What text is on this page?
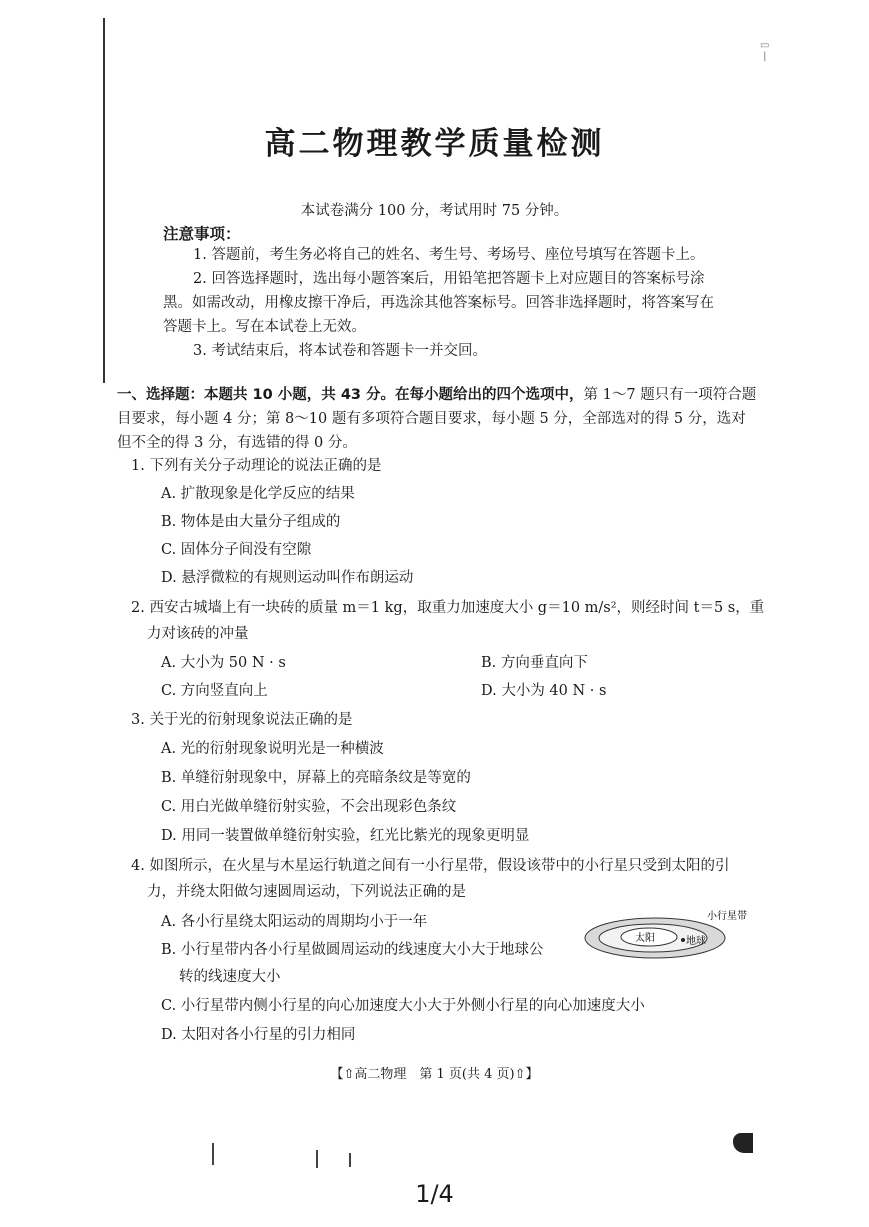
▭
|
高二物理教学质量检测
本试卷满分 100 分，考试用时 75 分钟。
注意事项：
1. 答题前，考生务必将自己的姓名、考生号、考场号、座位号填写在答题卡上。
2. 回答选择题时，选出每小题答案后，用铅笔把答题卡上对应题目的答案标号涂
黑。如需改动，用橡皮擦干净后，再选涂其他答案标号。回答非选择题时，将答案写在
答题卡上。写在本试卷上无效。
3. 考试结束后，将本试卷和答题卡一并交回。
一、选择题：本题共 10 小题，共 43 分。在每小题给出的四个选项中，第 1～7 题只有一项符合题目要求，每小题 4 分；第 8～10 题有多项符合题目要求，每小题 5 分，全部选对的得 5 分，选对但不全的得 3 分，有选错的得 0 分。
1. 下列有关分子动理论的说法正确的是
A. 扩散现象是化学反应的结果
B. 物体是由大量分子组成的
C. 固体分子间没有空隙
D. 悬浮微粒的有规则运动叫作布朗运动
2. 西安古城墙上有一块砖的质量 m＝1 kg，取重力加速度大小 g＝10 m/s²，则经时间 t＝5 s，重
力对该砖的冲量
A. 大小为 50 N · s	B. 方向垂直向下
C. 方向竖直向上	D. 大小为 40 N · s
3. 关于光的衍射现象说法正确的是
A. 光的衍射现象说明光是一种横波
B. 单缝衍射现象中，屏幕上的亮暗条纹是等宽的
C. 用白光做单缝衍射实验，不会出现彩色条纹
D. 用同一装置做单缝衍射实验，红光比紫光的现象更明显
4. 如图所示，在火星与木星运行轨道之间有一小行星带，假设该带中的小行星只受到太阳的引
力，并绕太阳做匀速圆周运动，下列说法正确的是
A. 各小行星绕太阳运动的周期均小于一年
B. 小行星带内各小行星做圆周运动的线速度大小大于地球公
转的线速度大小
C. 小行星带内侧小行星的向心加速度大小大于外侧小行星的向心加速度大小
D. 太阳对各小行星的引力相同
太阳	地球
小行星带
【⇧高二物理　第 1 页(共 4 页)⇧】
1/4
